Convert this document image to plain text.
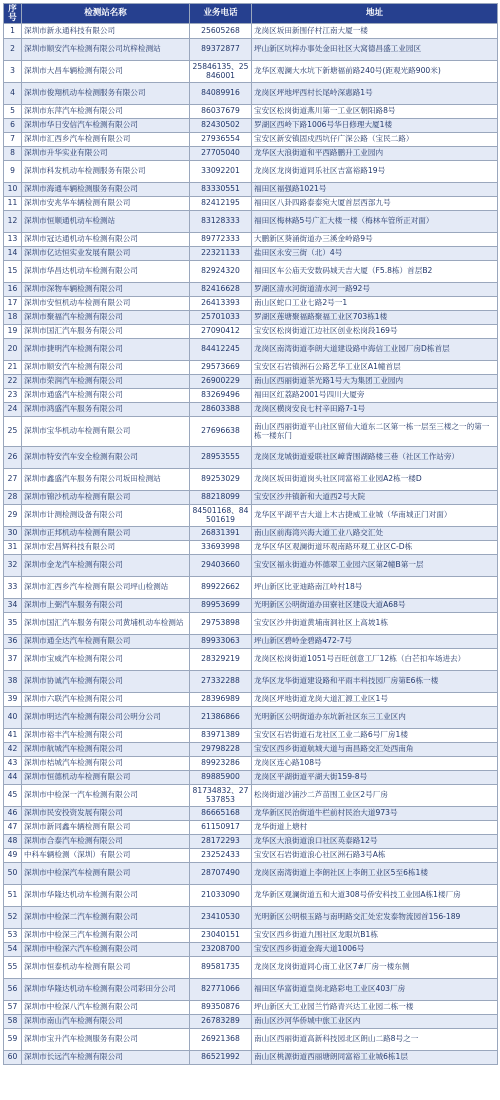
序号	检测站名称	业务电话	地址
1	深圳市新永通科技有限公司	25605268	龙岗区坂田新围仔村江南大厦一楼
2	深圳市顺安汽车检测有限公司坑梓检测站	89372877	坪山新区坑梓办事处金田社区大窝德昌盛工业园区
3	深圳市大昌车辆检测有限公司	25846135、25846001	龙华区观澜大水坑下新塘福前路240号(距观光路900米)
4	深圳市俊翔机动车检测服务有限公司	84089916	龙岗区坪地坪西村长尾岭深惠路1号
5	深圳市东萍汽车检测有限公司	86037679	宝安区松岗街道燕川第一工业区朝阳路8号
6	深圳市华日安信汽车检测有限公司	82430502	罗湖区西岭下路1006号华日修理大厦1楼
7	深圳市汇西乡汽车检测有限公司	27936554	宝安区新安镇固戍西坑仔广深公路（宝民二路）
8	深圳市升华实业有限公司	27705040	龙华区大浪街道和平西路鹏升工业园内
9	深圳市科发机动车检测服务有限公司	33092201	龙岗区龙岗街道同乐社区吉富裕路19号
10	深圳市海通车辆检测服务有限公司	83330551	福田区福强路1021号
11	深圳市安兆华车辆检测有限公司	82412195	福田区八卦四路泰泰宛大厦首层西部九号
12	深圳市恒顺通机动车检测站	83128333	福田区梅林路5号广汇大楼一楼（梅林车管所正对面）
13	深圳市冠达通机动车检测有限公司	89772333	大鹏新区葵涌街道办三溪金岭路9号
14	深圳市亿达恒实业发展有限公司	22321133	盐田区永安三街（北）4号
15	深圳市华昌达机动车检测有限公司	82924320	福田区车公庙天安数码城天吉大厦（F5.8栋）首层B2
16	深圳市深物车辆检测有限公司	82416628	罗湖区清水河街道清水河一路92号
17	深圳市安恒机动车检测有限公司	26413393	南山区蛇口工业七路2号一1
18	深圳市聚福汽车检测有限公司	25701033	罗湖区莲塘聚福路聚福工业区703栋1楼
19	深圳市国汇汽车服务有限公司	27090412	宝安区松岗街道江边社区创业松岗段169号
20	深圳市捷明汽车检测有限公司	84412245	龙岗区南湾街道李朗大道建设路中海信工业园厂房D栋首层
21	深圳市顺安汽车检测有限公司	29573669	宝安区石岩镇洲石公路艺华工业区A1幢首层
22	深圳市荣润汽车检测有限公司	26900229	南山区西丽街道茶光路1号大为集团工业园内
23	深圳市通盛汽车检测有限公司	83269496	福田区红荔路2001号四川大厦旁
24	深圳市鸿盛汽车服务有限公司	28603388	龙岗区横岗安良七村辛田路7-1号
25	深圳市宝华机动车检测有限公司	27696638	南山区西丽街道平山社区留仙大道东二区第一栋一层至三楼之一的第一栋一楼东门
26	深圳市特安汽车安全检测有限公司	28953555	龙岗区龙城街道爱联社区嶂背围湖路楼三巷（社区工作站旁）
27	深圳市鑫盛汽车服务有限公司坂田检测站	89253029	龙岗区坂田街道岗头社区同富裕工业园A2栋一楼D
28	深圳市锦沙机动车检测有限公司	88218099	宝安区沙井镇新和大道西2号大院
29	深圳市计测检测设备有限公司	84501168、84501619	龙华区平湖平吉大道上木古捷威工业城（华南城正门对面）
30	深圳市正邦机动车检测有限公司	26831391	南山区前海湾兴海大道工业八路交汇处
31	深圳市宏昌辉科技有限公司	33693998	龙华区华区观澜街道环观南路环观工业区C-D栋
32	深圳市金龙汽车检测有限公司	29403660	宝安区福永街道办怀德翠工业园六区第2幢B第一层
33	深圳市汇西乡汽车检测有限公司坪山检测站	89922662	坪山新区比亚迪路南江岭村18号
34	深圳市上弼汽车服务有限公司	89953699	光明新区公明街道办田寮社区建设大道A68号
35	深圳市国汇汽车服务有限公司黄埔机动车检测站	29753898	宝安区沙井街道黄埔南洞社区上高坡1栋
36	深圳市通全达汽车检测有限公司	89933063	坪山新区碧岭金碧路472-7号
37	深圳市宝威汽车检测有限公司	28329219	龙岗区松岗街道1051号百旺创意工厂12栋（白芒扣车场进去）
38	深圳市协诚汽车检测有限公司	27332288	龙华区龙华街道建设路和平雨丰科技园厂房第E6栋一楼
39	深圳市六联汽车检测有限公司	28396989	龙岗区坪地街道龙岗大道汇源工业区1号
40	深圳市明达汽车检测有限公司公明分公司	21386866	光明新区公明街道办东坑新社区东三工业区内
41	深圳市裕丰汽车检测有限公司	83971389	宝安区石岩街道石龙社区工业二路6号厂房1楼
42	深圳市航城汽车检测有限公司	29798228	宝安区西乡街道航城大道与南昌路交汇处西南角
43	深圳市桔城汽车检测有限公司	89923286	龙岗区连心路108号
44	深圳市恒德机动车检测有限公司	89885900	龙岗区平湖街道平湖大街159-8号
45	深圳市中检深一汽车检测有限公司	81734832、27537853	松岗街道沙浦沙二芦苗围工业区2号厂房
46	深圳市民安投资发展有限公司	86665168	龙华新区民治街道牛栏前村民治大道973号
47	深圳市新同鑫车辆检测有限公司	61150917	龙华街道上塘村
48	深圳市合泰汽车检测有限公司	28172293	龙华区大浪街道浪口社区英泰路12号
49	中科车辆检测（深圳）有限公司	23252433	宝安区石岩街道浪心社区洲石路3号A栋
50	深圳市中检深汽车检测有限公司	28707490	龙岗区南湾街道上李朗社区上李朗工业区5至6栋1楼
51	深圳市华隆达机动车检测有限公司	21033090	龙华新区观澜街道五和大道308号侨安科技工业园A栋1楼厂房
52	深圳市中检深二汽车检测有限公司	23410530	光明新区公明根玉路与南明路交汇处宏发泰物流园首156-189
53	深圳市中检深三汽车检测有限公司	23040151	宝安区西乡街道九围社区龙眼坑B1栋
54	深圳市中检深六汽车检测有限公司	23208700	宝安区西乡街道金海大道1006号
55	深圳市恒泰机动车检测有限公司	89581735	龙岗区龙岗街道同心南工业区7#厂房一楼东侧
56	深圳市华隆达机动车检测有限公司彩田分公司	82771066	福田区华富街道皇岗北路彩电工业区403厂房
57	深圳市中检深八汽车检测有限公司	89350876	坪山新区大工业园兰竹路青兴达工业园二栋一楼
58	深圳市南山汽车检测有限公司	26783289	南山区沙河华侨城中旅工业区内
59	深圳市宝升汽车检测服务有限公司	26921368	南山区西丽街道高新科技园北区朗山二路8号之一
60	深圳市长远汽车检测有限公司	86521992	南山区桃源街道西丽塘朗同富裕工业城6栋1层
